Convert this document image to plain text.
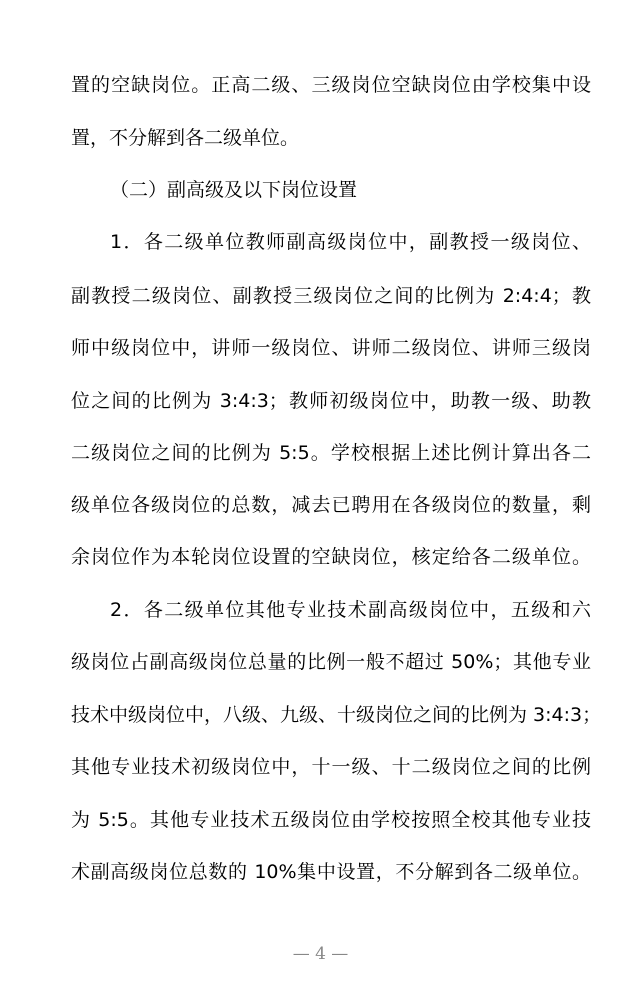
置的空缺岗位。正高二级、三级岗位空缺岗位由学校集中设
置，不分解到各二级单位。
（二）副高级及以下岗位设置
1．各二级单位教师副高级岗位中，副教授一级岗位、
副教授二级岗位、副教授三级岗位之间的比例为 2:4:4；教
师中级岗位中，讲师一级岗位、讲师二级岗位、讲师三级岗
位之间的比例为 3:4:3；教师初级岗位中，助教一级、助教
二级岗位之间的比例为 5:5。学校根据上述比例计算出各二
级单位各级岗位的总数，减去已聘用在各级岗位的数量，剩
余岗位作为本轮岗位设置的空缺岗位，核定给各二级单位。
2．各二级单位其他专业技术副高级岗位中，五级和六
级岗位占副高级岗位总量的比例一般不超过 50%；其他专业
技术中级岗位中，八级、九级、十级岗位之间的比例为 3:4:3；
其他专业技术初级岗位中，十一级、十二级岗位之间的比例
为 5:5。其他专业技术五级岗位由学校按照全校其他专业技
术副高级岗位总数的 10%集中设置，不分解到各二级单位。
— 4 —
